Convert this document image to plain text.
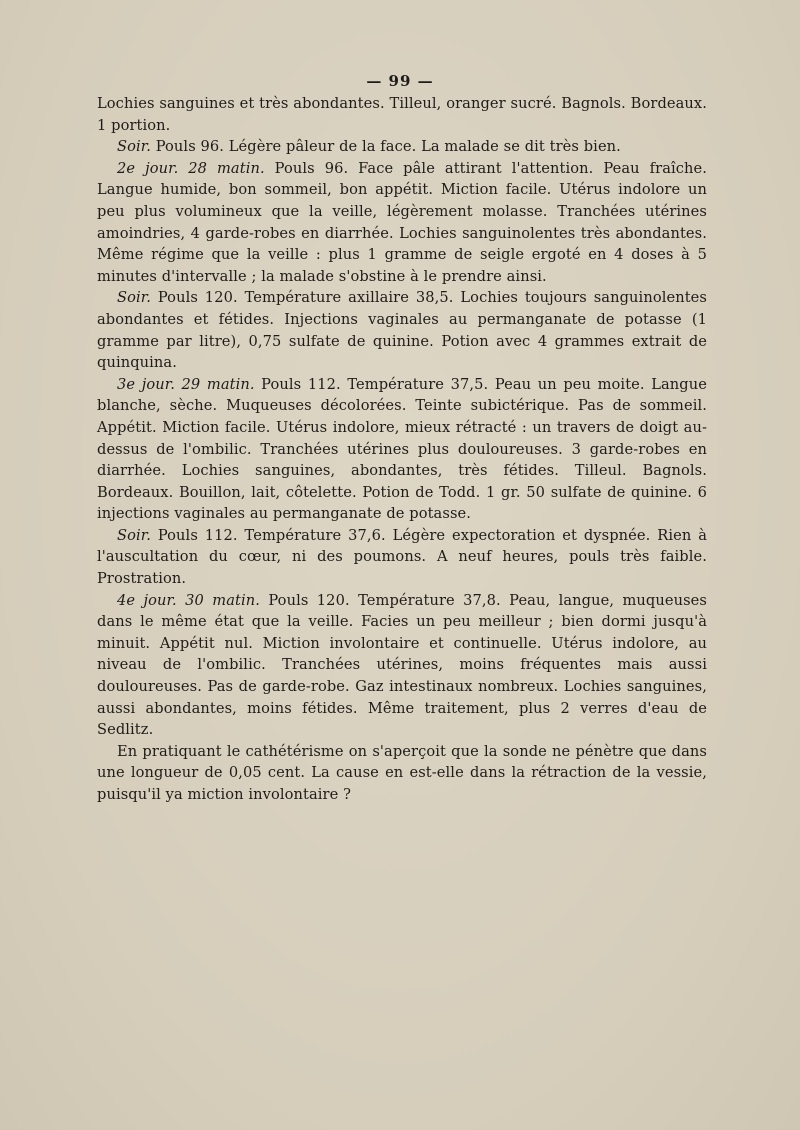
— 99 —

Lochies sanguines et très abondantes. Tilleul, oranger sucré. Bagnols. Bordeaux. 1 portion.

Soir. Pouls 96. Légère pâleur de la face. La malade se dit très bien.

2e jour. 28 matin. Pouls 96. Face pâle attirant l'attention. Peau fraîche. Langue humide, bon sommeil, bon appétit. Miction facile. Utérus indolore un peu plus volumineux que la veille, légèrement molasse. Tranchées utérines amoindries, 4 garde-robes en diarrhée. Lochies sanguinolentes très abondantes. Même régime que la veille : plus 1 gramme de seigle ergoté en 4 doses à 5 minutes d'intervalle ; la malade s'obstine à le prendre ainsi.

Soir. Pouls 120. Température axillaire 38,5. Lochies toujours sanguinolentes abondantes et fétides. Injections vaginales au permanganate de potasse (1 gramme par litre), 0,75 sulfate de quinine. Potion avec 4 grammes extrait de quinquina.

3e jour. 29 matin. Pouls 112. Température 37,5. Peau un peu moite. Langue blanche, sèche. Muqueuses décolorées. Teinte subictérique. Pas de sommeil. Appétit. Miction facile. Utérus indolore, mieux rétracté : un travers de doigt au-dessus de l'ombilic. Tranchées utérines plus douloureuses. 3 garde-robes en diarrhée. Lochies sanguines, abondantes, très fétides. Tilleul. Bagnols. Bordeaux. Bouillon, lait, côtelette. Potion de Todd. 1 gr. 50 sulfate de quinine. 6 injections vaginales au permanganate de potasse.

Soir. Pouls 112. Température 37,6. Légère expectoration et dyspnée. Rien à l'auscultation du cœur, ni des poumons. A neuf heures, pouls très faible. Prostration.

4e jour. 30 matin. Pouls 120. Température 37,8. Peau, langue, muqueuses dans le même état que la veille. Facies un peu meilleur ; bien dormi jusqu'à minuit. Appétit nul. Miction involontaire et continuelle. Utérus indolore, au niveau de l'ombilic. Tranchées utérines, moins fréquentes mais aussi douloureuses. Pas de garde-robe. Gaz intestinaux nombreux. Lochies sanguines, aussi abondantes, moins fétides. Même traitement, plus 2 verres d'eau de Sedlitz.

En pratiquant le cathétérisme on s'aperçoit que la sonde ne pénètre que dans une longueur de 0,05 cent. La cause en est-elle dans la rétraction de la vessie, puisqu'il ya miction involontaire ?
